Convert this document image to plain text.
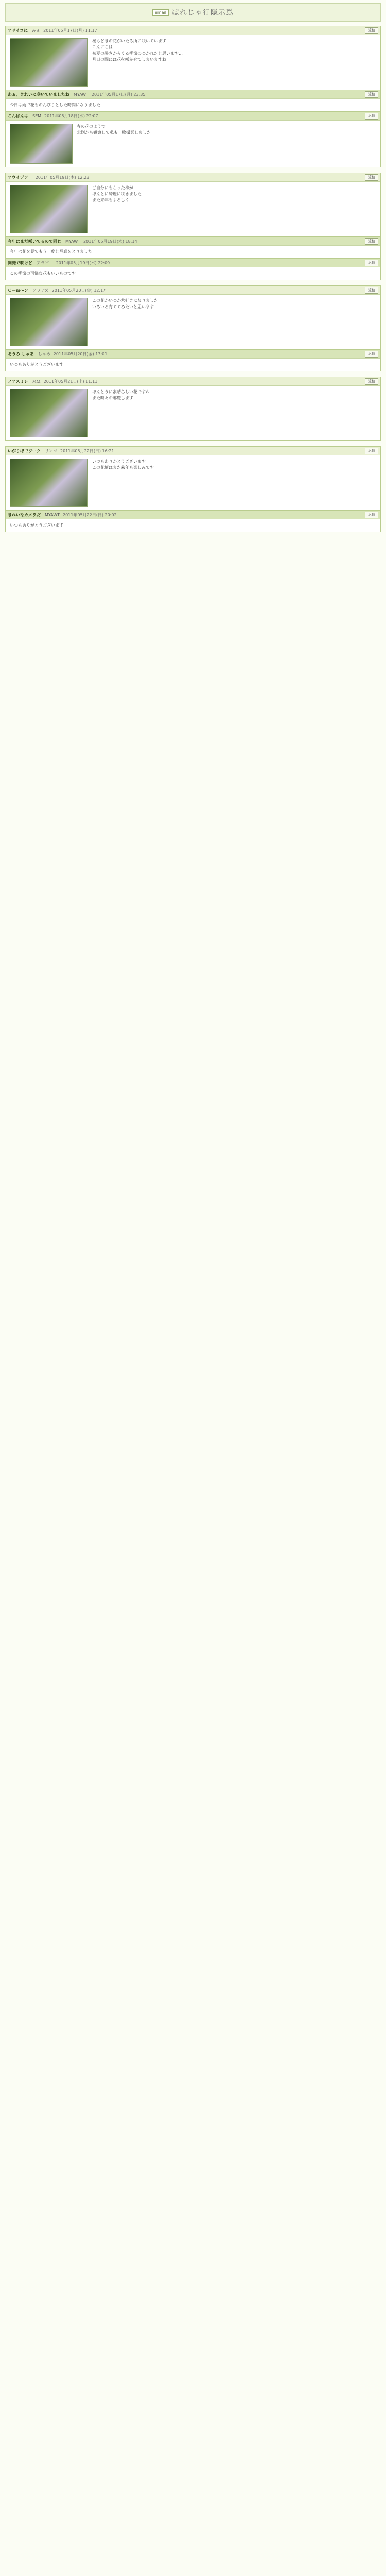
email ばれじゃ行隠示爲
アサイコに みぇ 2011年05月17日(月) 11:17	返信
桜もどきの花がいたる所に咲いています
こんにちは
初夏の暑さからくる季節のつかれだと思います…
月日の間には花を咲かせてしまいますね
あぁ、きれいに咲いていましたね MYAWT 2011年05月17日(月) 23:35	返信
今日は雨で花ものんびりとした時間になりました
こんばんは SEM 2011年05月18日(水) 22:07	返信
春の花のようで
北側から観察して私も一枚撮影しました
アウイデア 2011年05月19日(木) 12:23	返信
ご自分にもらった株が
ほんとに綺麗に咲きました
また来年もよろしく
今年はまだ咲いてるので同じ MYAWT 2011年05月19日(木) 18:14	返信
今年は花を見てもう一度と写真をとりました
開発で咲けど アラビー 2011年05月19日(木) 22:09	返信
この季節の可憐な花もいいものです
Ｃ－ｍ～ン アラテズ 2011年05月20日(金) 12:17	返信
この花がいつか大好きになりました
いろいろ育ててみたいと思います
そうみ しゃあ しゃあ 2011年05月20日(金) 13:01	返信
いつもありがとうございます
ノアスミレ ＭＭ 2011年05月21日(土) 11:11	返信
ほんとうに素晴らしい花ですね
また時々お邪魔します
いがりぼでワーク リンゴ 2011年05月22日(日) 16:21	返信
いつもありがとうございます
この花壇はまた来年も楽しみです
きれいなカメラだ MYAWT 2011年05月22日(日) 20:02	返信
いつもありがとうございます
